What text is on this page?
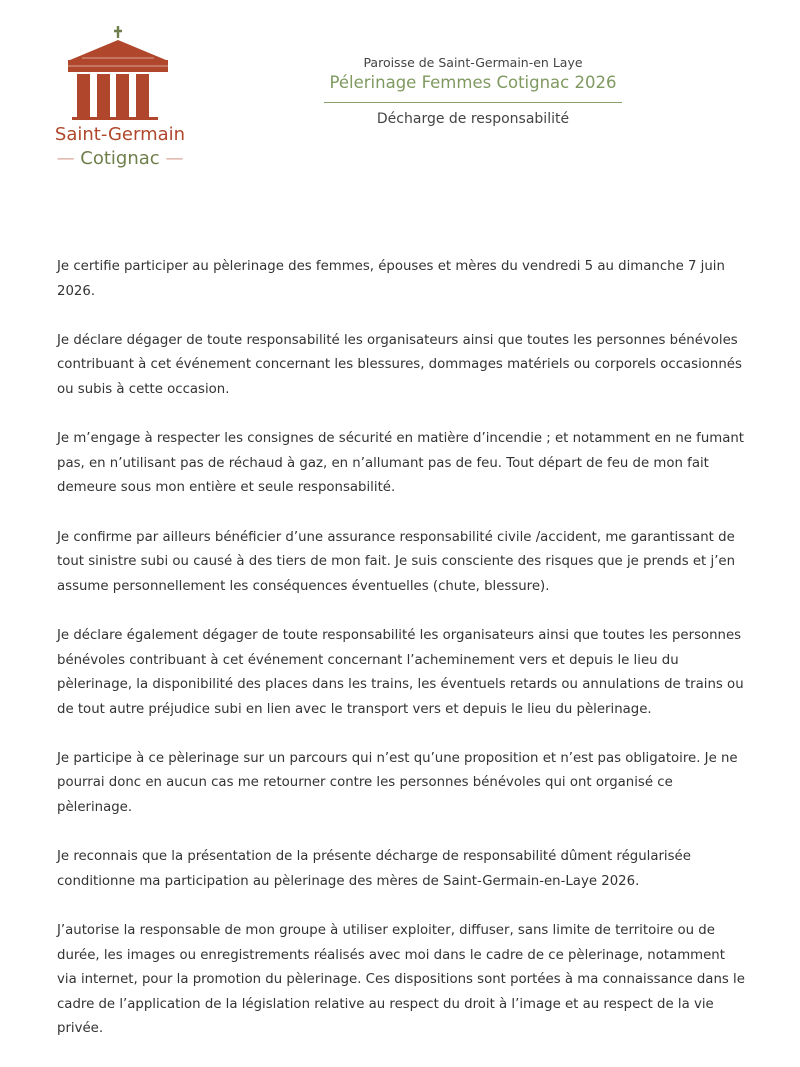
Saint-Germain
— Cotignac —
Paroisse de Saint-Germain-en Laye
Pélerinage Femmes Cotignac 2026
Décharge de responsabilité

Je certifie participer au pèlerinage des femmes, épouses et mères du vendredi 5 au dimanche 7 juin 2026.

Je déclare dégager de toute responsabilité les organisateurs ainsi que toutes les personnes bénévoles contribuant à cet événement concernant les blessures, dommages matériels ou corporels occasionnés ou subis à cette occasion.

Je m’engage à respecter les consignes de sécurité en matière d’incendie ; et notamment en ne fumant pas, en n’utilisant pas de réchaud à gaz, en n’allumant pas de feu. Tout départ de feu de mon fait demeure sous mon entière et seule responsabilité.

Je confirme par ailleurs bénéficier d’une assurance responsabilité civile /accident, me garantissant de tout sinistre subi ou causé à des tiers de mon fait. Je suis consciente des risques que je prends et j’en assume personnellement les conséquences éventuelles (chute, blessure).

Je déclare également dégager de toute responsabilité les organisateurs ainsi que toutes les personnes bénévoles contribuant à cet événement concernant l’acheminement vers et depuis le lieu du pèlerinage, la disponibilité des places dans les trains, les éventuels retards ou annulations de trains ou de tout autre préjudice subi en lien avec le transport vers et depuis le lieu du pèlerinage.

Je participe à ce pèlerinage sur un parcours qui n’est qu’une proposition et n’est pas obligatoire. Je ne pourrai donc en aucun cas me retourner contre les personnes bénévoles qui ont organisé ce pèlerinage.

Je reconnais que la présentation de la présente décharge de responsabilité dûment régularisée conditionne ma participation au pèlerinage des mères de Saint-Germain-en-Laye 2026.

J’autorise la responsable de mon groupe à utiliser exploiter, diffuser, sans limite de territoire ou de durée, les images ou enregistrements réalisés avec moi dans le cadre de ce pèlerinage, notamment via internet, pour la promotion du pèlerinage. Ces dispositions sont portées à ma connaissance dans le cadre de l’application de la législation relative au respect du droit à l’image et au respect de la vie privée.
